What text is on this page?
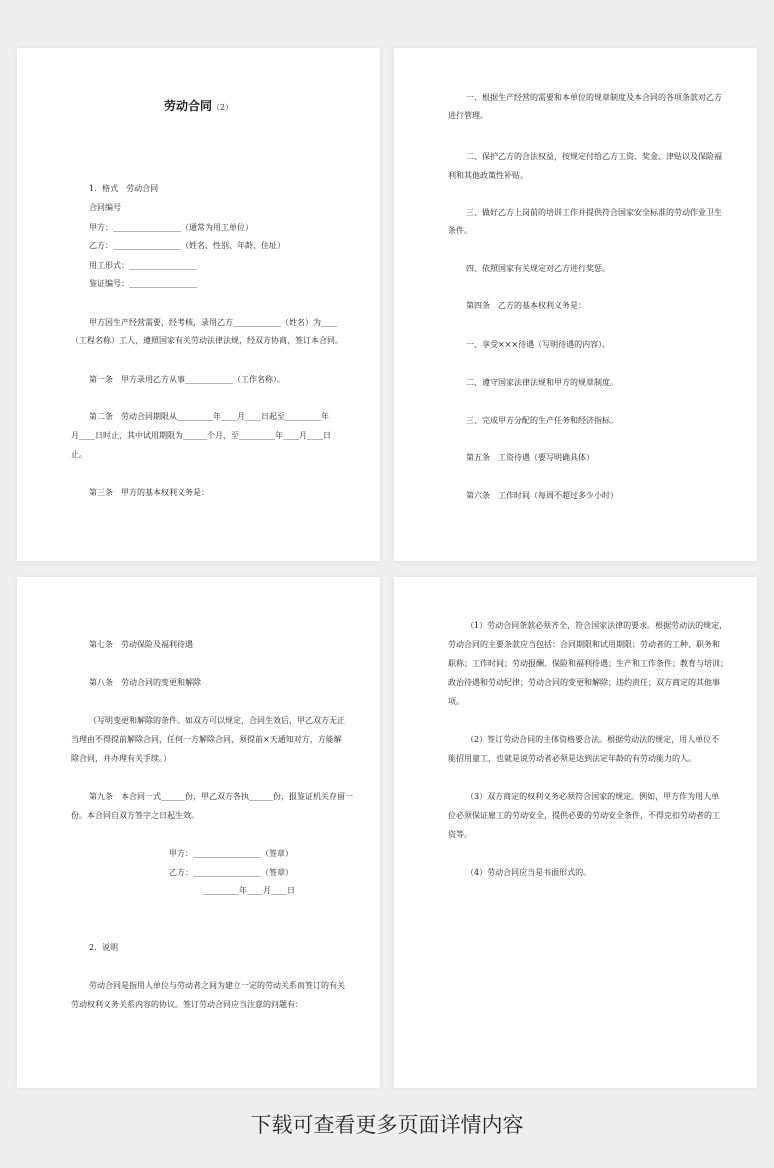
劳动合同（2）
1．格式　劳动合同
合同编号
甲方：_________________（通常为用工单位）
乙方：_________________（姓名、性别、年龄、住址）
用工形式：_________________
鉴证编号：_________________
甲方因生产经营需要，经考核，录用乙方____________（姓名）为____
（工程名称）工人，遵照国家有关劳动法律法规，经双方协商，签订本合同。
第一条　甲方录用乙方从事____________（工作名称）。
第二条　劳动合同期限从_________年____月____日起至_________年
月____日时止，其中试用期限为______个月，至_________年____月____日
止。
第三条　甲方的基本权利义务是：
一、根据生产经营的需要和本单位的规章制度及本合同的各项条款对乙方
进行管理。
二、保护乙方的合法权益，按规定付给乙方工资、奖金、津贴以及保险福
利和其他政策性补贴。
三、做好乙方上岗前的培训工作并提供符合国家安全标准的劳动作业卫生
条件。
四、依照国家有关规定对乙方进行奖惩。
第四条　乙方的基本权利义务是：
一、享受×××待遇（写明待遇的内容）。
二、遵守国家法律法规和甲方的规章制度。
三、完成甲方分配的生产任务和经济指标。
第五条　工资待遇（要写明确具体）
第六条　工作时间（每周不超过多少小时）
第七条　劳动保险及福利待遇
第八条　劳动合同的变更和解除
（写明变更和解除的条件。如双方可以规定，合同生效后，甲乙双方无正
当理由不得提前解除合同，任何一方解除合同，须提前×天通知对方，方能解
除合同，并办理有关手续。）
第九条　本合同一式______份，甲乙双方各执______份，报鉴证机关存留一
份。本合同自双方签字之日起生效。
甲方：_________________（签章）
乙方：_________________（签章）
_________年____月____日
2．说明
劳动合同是指用人单位与劳动者之间为建立一定的劳动关系而签订的有关
劳动权利义务关系内容的协议。签订劳动合同应当注意的问题有：
（1）劳动合同条款必须齐全，符合国家法律的要求。根据劳动法的规定，
劳动合同的主要条款应当包括：合同期限和试用期限；劳动者的工种、职务和
职称；工作时间；劳动报酬、保险和福利待遇；生产和工作条件；教育与培训；
政治待遇和劳动纪律；劳动合同的变更和解除；违约责任；双方商定的其他事
项。
（2）签订劳动合同的主体资格要合法。根据劳动法的规定，用人单位不
能招用童工，也就是说劳动者必须是达到法定年龄的有劳动能力的人。
（3）双方商定的权利义务必须符合国家的规定。例如，甲方作为用人单
位必须保证雇工的劳动安全，提供必要的劳动安全条件，不得克扣劳动者的工
资等。
（4）劳动合同应当是书面形式的。
下载可查看更多页面详情内容
